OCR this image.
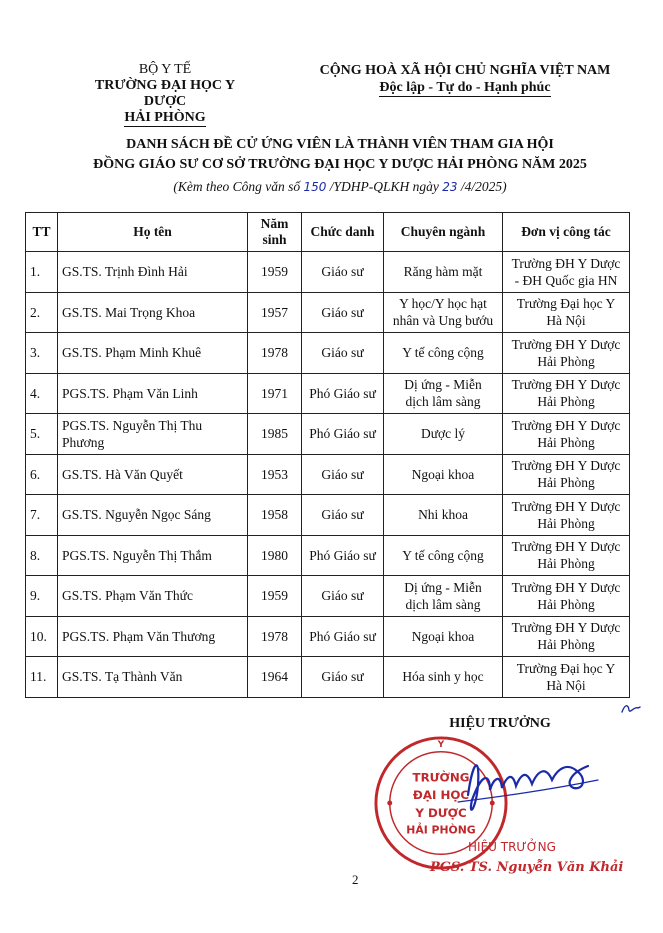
BỘ Y TẾ
TRƯỜNG ĐẠI HỌC Y DƯỢC
HẢI PHÒNG
CỘNG HOÀ XÃ HỘI CHỦ NGHĨA VIỆT NAM
Độc lập - Tự do - Hạnh phúc
DANH SÁCH ĐỀ CỬ ỨNG VIÊN LÀ THÀNH VIÊN THAM GIA HỘI
ĐỒNG GIÁO SƯ CƠ SỞ TRƯỜNG ĐẠI HỌC Y DƯỢC HẢI PHÒNG NĂM 2025
(Kèm theo Công văn số 150 /YDHP-QLKH ngày 23 /4/2025)
TT	Họ tên	Năm
sinh	Chức danh	Chuyên ngành	Đơn vị công tác
1.	GS.TS. Trịnh Đình Hải	1959	Giáo sư	Răng hàm mặt	Trường ĐH Y Dược
- ĐH Quốc gia HN
2.	GS.TS. Mai Trọng Khoa	1957	Giáo sư	Y học/Y học hạt
nhân và Ung bướu	Trường Đại học Y
Hà Nội
3.	GS.TS. Phạm Minh Khuê	1978	Giáo sư	Y tế công cộng	Trường ĐH Y Dược
Hải Phòng
4.	PGS.TS. Phạm Văn Linh	1971	Phó Giáo sư	Dị ứng - Miễn
dịch lâm sàng	Trường ĐH Y Dược
Hải Phòng
5.	PGS.TS. Nguyễn Thị Thu
Phương	1985	Phó Giáo sư	Dược lý	Trường ĐH Y Dược
Hải Phòng
6.	GS.TS. Hà Văn Quyết	1953	Giáo sư	Ngoại khoa	Trường ĐH Y Dược
Hải Phòng
7.	GS.TS. Nguyễn Ngọc Sáng	1958	Giáo sư	Nhi khoa	Trường ĐH Y Dược
Hải Phòng
8.	PGS.TS. Nguyễn Thị Thắm	1980	Phó Giáo sư	Y tế công cộng	Trường ĐH Y Dược
Hải Phòng
9.	GS.TS. Phạm Văn Thức	1959	Giáo sư	Dị ứng - Miễn
dịch lâm sàng	Trường ĐH Y Dược
Hải Phòng
10.	PGS.TS. Phạm Văn Thương	1978	Phó Giáo sư	Ngoại khoa	Trường ĐH Y Dược
Hải Phòng
11.	GS.TS. Tạ Thành Văn	1964	Giáo sư	Hóa sinh y học	Trường Đại học Y
Hà Nội
HIỆU TRƯỞNG
Y
TRƯỜNG
ĐẠI HỌC
Y DƯỢC
HẢI PHÒNG
HIỆU TRƯỞNG
PGS. TS. Nguyễn Văn Khải
2
